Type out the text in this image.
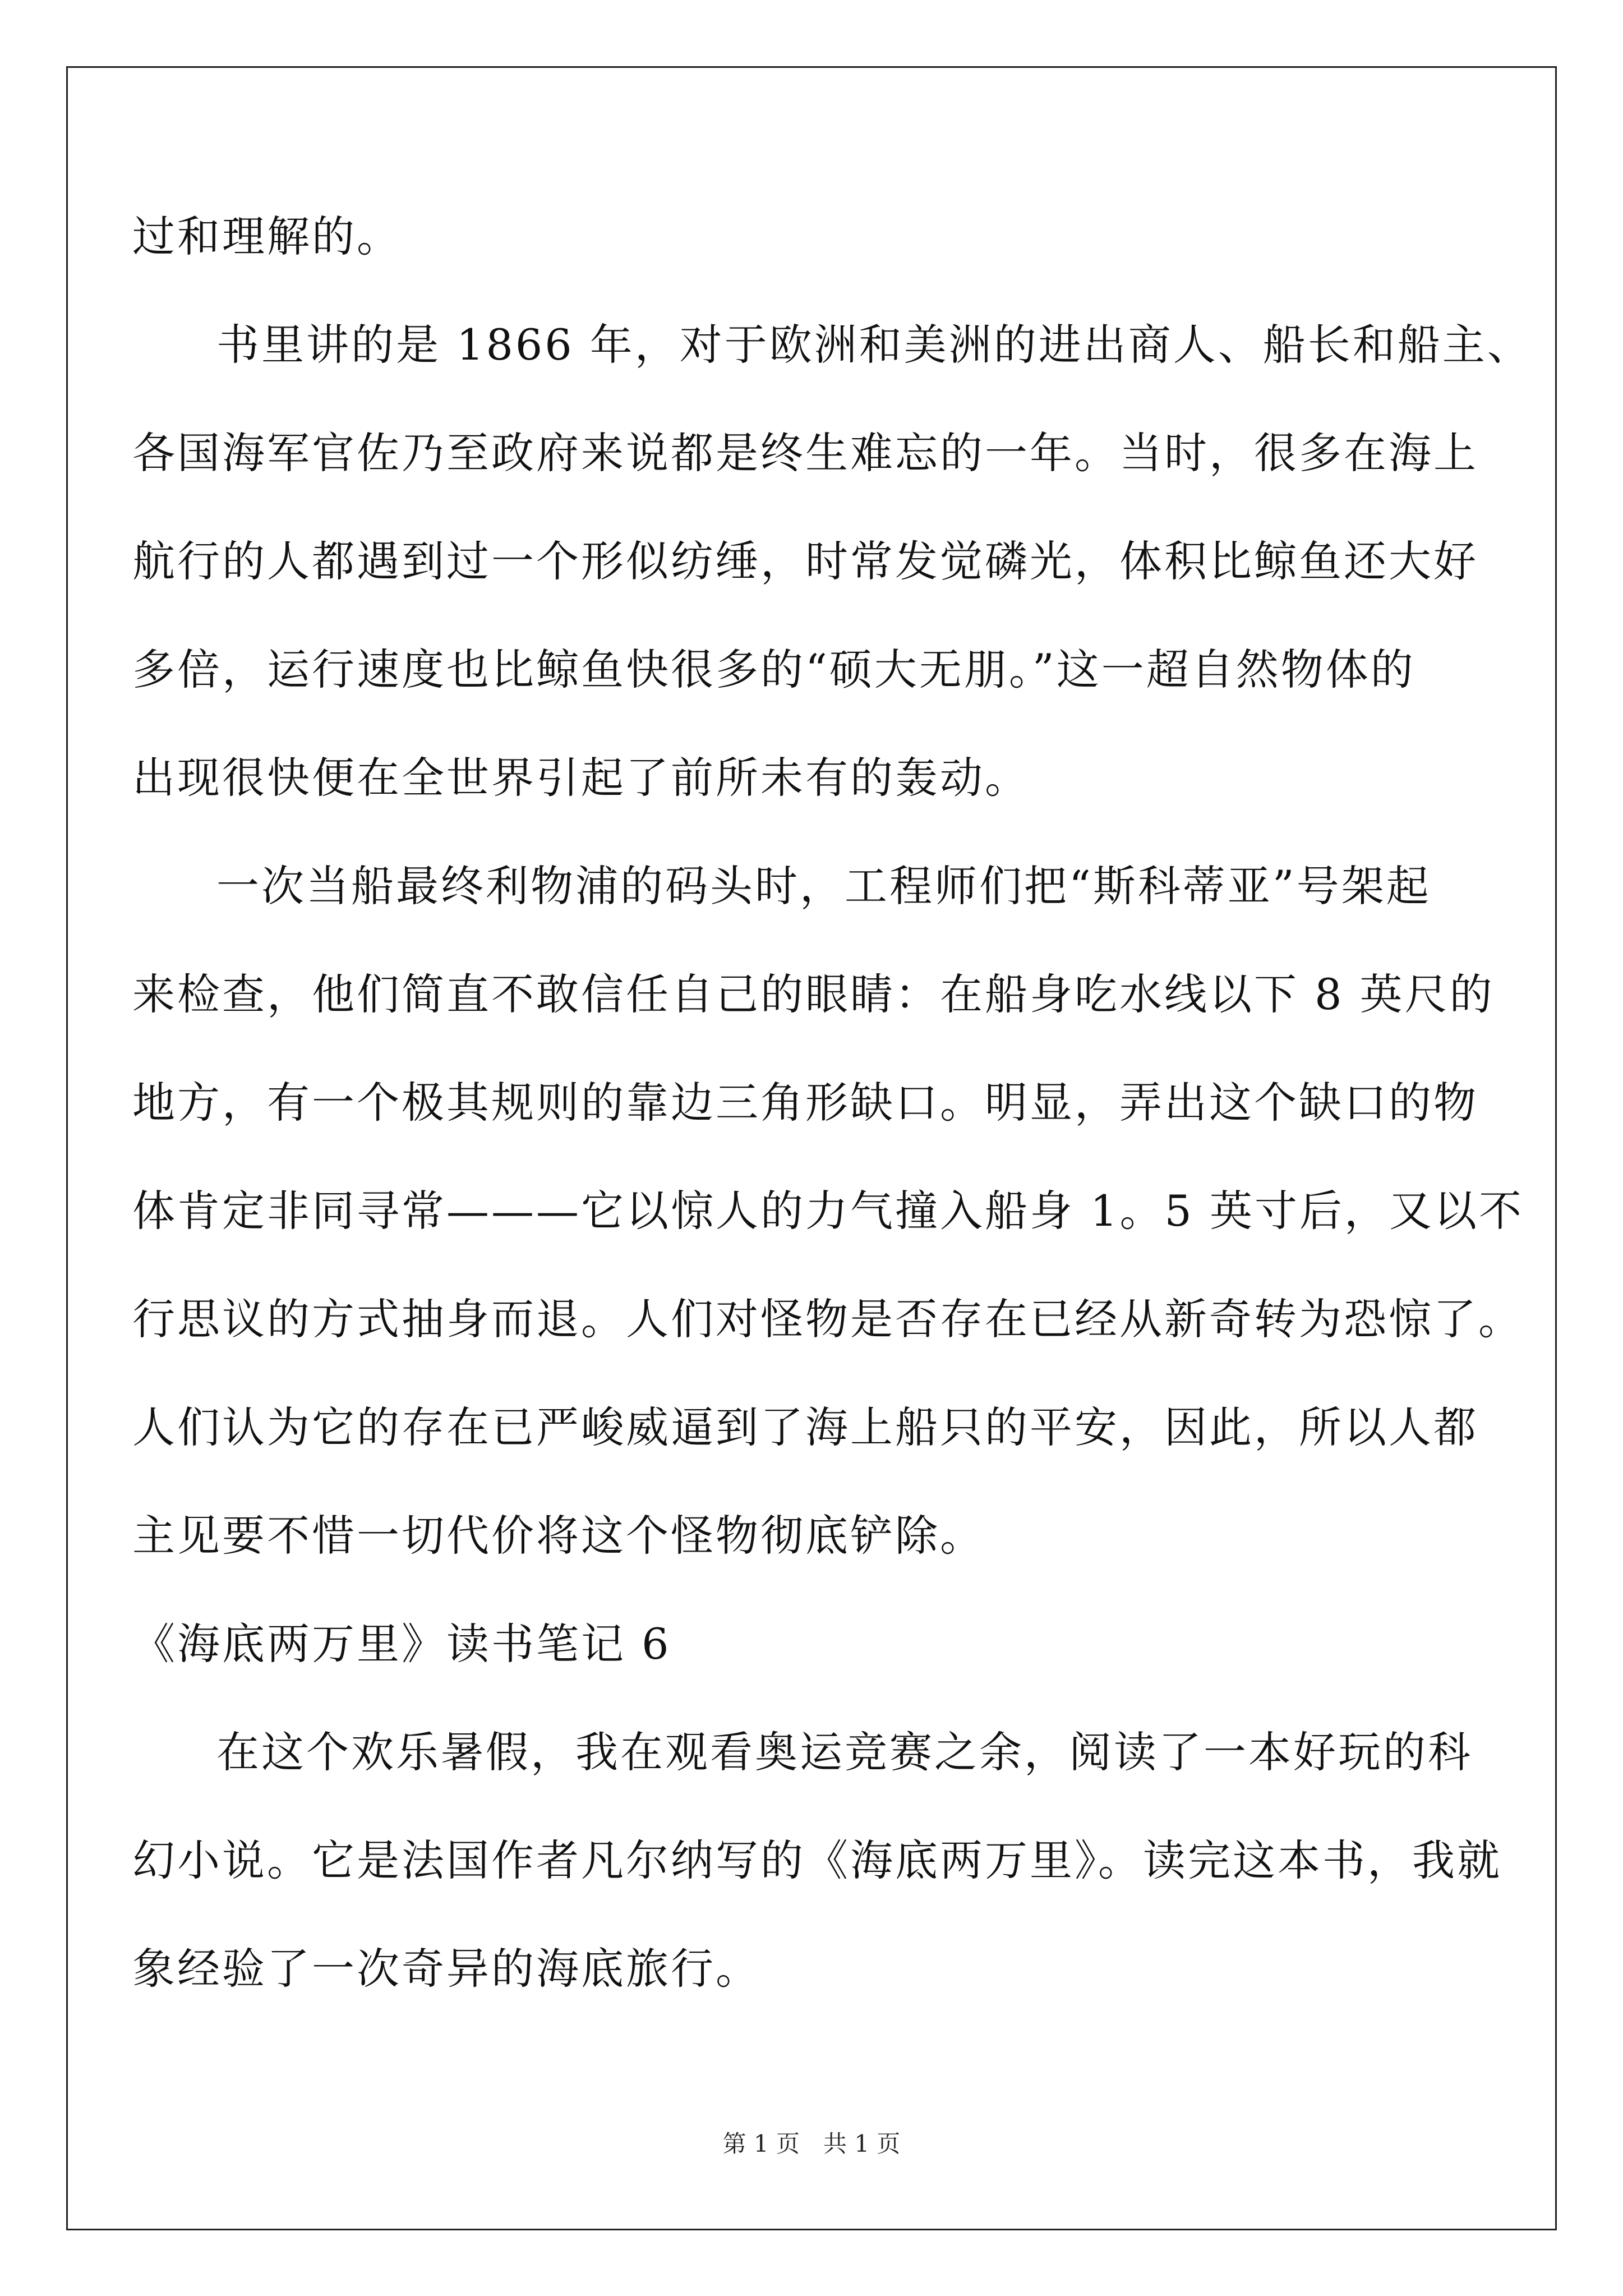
过和理解的。
书里讲的是 1866 年，对于欧洲和美洲的进出商人、船长和船主、
各国海军官佐乃至政府来说都是终生难忘的一年。当时，很多在海上
航行的人都遇到过一个形似纺缍，时常发觉磷光，体积比鲸鱼还大好
多倍，运行速度也比鲸鱼快很多的“硕大无朋。”这一超自然物体的
出现很快便在全世界引起了前所未有的轰动。
一次当船最终利物浦的码头时，工程师们把“斯科蒂亚”号架起
来检查，他们简直不敢信任自己的眼睛：在船身吃水线以下 8 英尺的
地方，有一个极其规则的靠边三角形缺口。明显，弄出这个缺口的物
体肯定非同寻常———它以惊人的力气撞入船身 1。5 英寸后，又以不
行思议的方式抽身而退。人们对怪物是否存在已经从新奇转为恐惊了。
人们认为它的存在已严峻威逼到了海上船只的平安，因此，所以人都
主见要不惜一切代价将这个怪物彻底铲除。
《海底两万里》读书笔记 6
在这个欢乐暑假，我在观看奥运竞赛之余，阅读了一本好玩的科
幻小说。它是法国作者凡尔纳写的《海底两万里》。读完这本书，我就
象经验了一次奇异的海底旅行。
第 1 页　共 1 页
